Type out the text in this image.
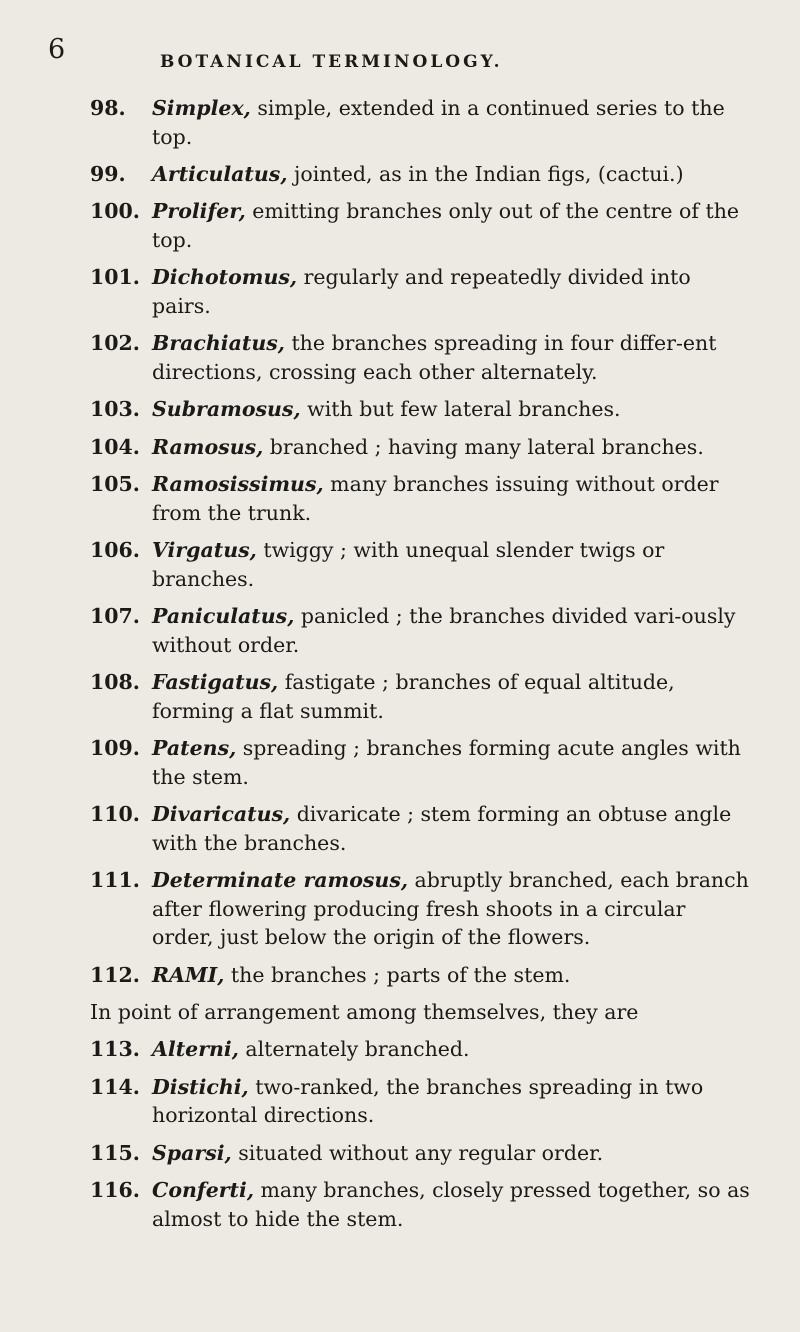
6	BOTANICAL TERMINOLOGY.
98. Simplex, simple, extended in a continued series to the top.
99. Articulatus, jointed, as in the Indian figs, (cactui.)
100. Prolifer, emitting branches only out of the centre of the top.
101. Dichotomus, regularly and repeatedly divided into pairs.
102. Brachiatus, the branches spreading in four differ-ent directions, crossing each other alternately.
103. Subramosus, with but few lateral branches.
104. Ramosus, branched ; having many lateral branches.
105. Ramosissimus, many branches issuing without order from the trunk.
106. Virgatus, twiggy ; with unequal slender twigs or branches.
107. Paniculatus, panicled ; the branches divided vari-ously without order.
108. Fastigatus, fastigate ; branches of equal altitude, forming a flat summit.
109. Patens, spreading ; branches forming acute angles with the stem.
110. Divaricatus, divaricate ; stem forming an obtuse angle with the branches.
111. Determinate ramosus, abruptly branched, each branch after flowering producing fresh shoots in a circular order, just below the origin of the flowers.
112. RAMI, the branches ; parts of the stem.
In point of arrangement among themselves, they are
113. Alterni, alternately branched.
114. Distichi, two-ranked, the branches spreading in two horizontal directions.
115. Sparsi, situated without any regular order.
116. Conferti, many branches, closely pressed together, so as almost to hide the stem.
